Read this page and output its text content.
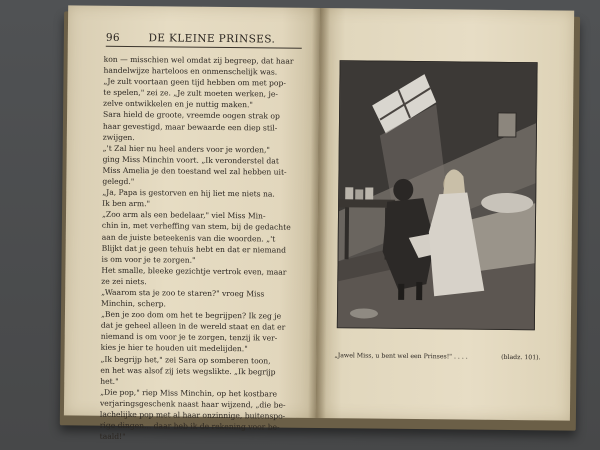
96	DE KLEINE PRINSES.
kon — misschien wel omdat zij begreep, dat haar
handelwijze harteloos en onmenschelijk was.
„Je zult voortaan geen tijd hebben om met pop-
te spelen," zei ze. „Je zult moeten werken, je-
zelve ontwikkelen en je nuttig maken."
Sara hield de groote, vreemde oogen strak op
haar gevestigd, maar bewaarde een diep stil-
zwijgen.
„'t Zal hier nu heel anders voor je worden,"
ging Miss Minchin voort. „Ik veronderstel dat
Miss Amelia je den toestand wel zal hebben uit-
gelegd."
„Ja, Papa is gestorven en hij liet me niets na.
Ik ben arm."
„Zoo arm als een bedelaar," viel Miss Min-
chin in, met verheffing van stem, bij de gedachte
aan de juiste beteekenis van die woorden. „'t
Blijkt dat je geen tehuis hebt en dat er niemand
is om voor je te zorgen."
Het smalle, bleeke gezichtje vertrok even, maar
ze zei niets.
„Waarom sta je zoo te staren?" vroeg Miss
Minchin, scherp.
„Ben je zoo dom om het te begrijpen? Ik zeg je
dat je geheel alleen in de wereld staat en dat er
niemand is om voor je te zorgen, tenzij ik ver-
kies je hier te houden uit medelijden."
„Ik begrijp het," zei Sara op somberen toon,
en het was alsof zij iets wegslikte. „Ik begrijp
het."
„Die pop," riep Miss Minchin, op het kostbare
verjaringsgeschenk naast haar wijzend, „die be-
lachelijke pop met al haar onzinnige, buitenspo-
rige dingen... daar heb ik de rekening voor be-
taald!"
„Jawel Miss, u bent wel een Prinses!" . . . .	(bladz. 101).
